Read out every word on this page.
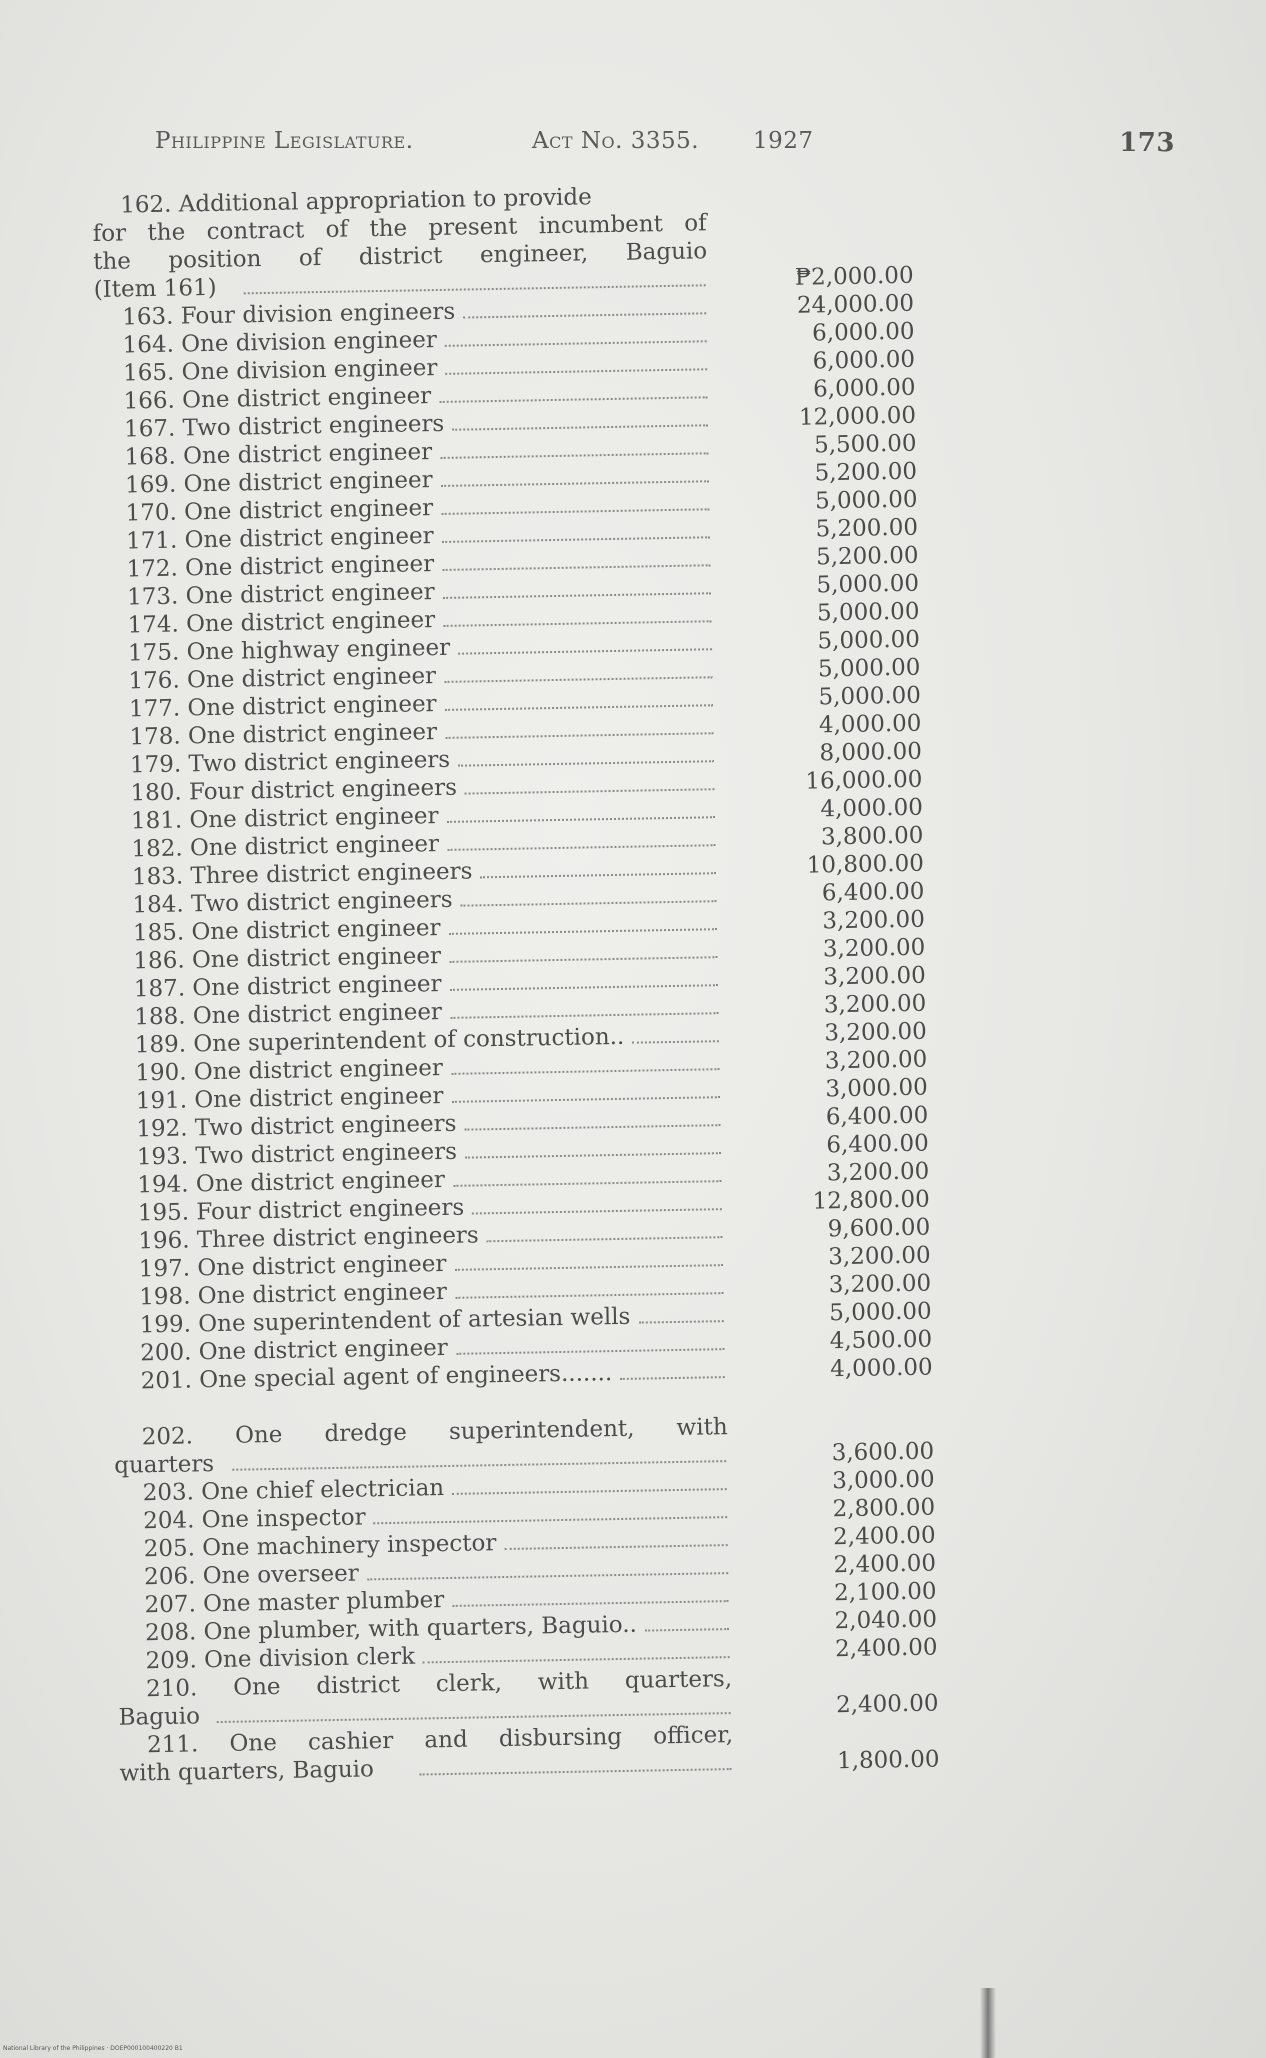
Philippine Legislature.	Act No. 3355. 1927	173
162. Additional appropriation to provide
for the contract of the present incumbent of
the position of district engineer, Baguio
(Item 161)	₱2,000.00
163. Four division engineers	24,000.00
164. One division engineer	6,000.00
165. One division engineer	6,000.00
166. One district engineer	6,000.00
167. Two district engineers	12,000.00
168. One district engineer	5,500.00
169. One district engineer	5,200.00
170. One district engineer	5,000.00
171. One district engineer	5,200.00
172. One district engineer	5,200.00
173. One district engineer	5,000.00
174. One district engineer	5,000.00
175. One highway engineer	5,000.00
176. One district engineer	5,000.00
177. One district engineer	5,000.00
178. One district engineer	4,000.00
179. Two district engineers	8,000.00
180. Four district engineers	16,000.00
181. One district engineer	4,000.00
182. One district engineer	3,800.00
183. Three district engineers	10,800.00
184. Two district engineers	6,400.00
185. One district engineer	3,200.00
186. One district engineer	3,200.00
187. One district engineer	3,200.00
188. One district engineer	3,200.00
189. One superintendent of construction..	3,200.00
190. One district engineer	3,200.00
191. One district engineer	3,000.00
192. Two district engineers	6,400.00
193. Two district engineers	6,400.00
194. One district engineer	3,200.00
195. Four district engineers	12,800.00
196. Three district engineers	9,600.00
197. One district engineer	3,200.00
198. One district engineer	3,200.00
199. One superintendent of artesian wells	5,000.00
200. One district engineer	4,500.00
201. One special agent of engineers.......	4,000.00
202. One dredge superintendent, with
quarters	3,600.00
203. One chief electrician	3,000.00
204. One inspector	2,800.00
205. One machinery inspector	2,400.00
206. One overseer	2,400.00
207. One master plumber	2,100.00
208. One plumber, with quarters, Baguio..	2,040.00
209. One division clerk	2,400.00
210. One district clerk, with quarters,
Baguio	2,400.00
211. One cashier and disbursing officer,
with quarters, Baguio	1,800.00
National Library of the Philippines · DOEP000100400220 B1
